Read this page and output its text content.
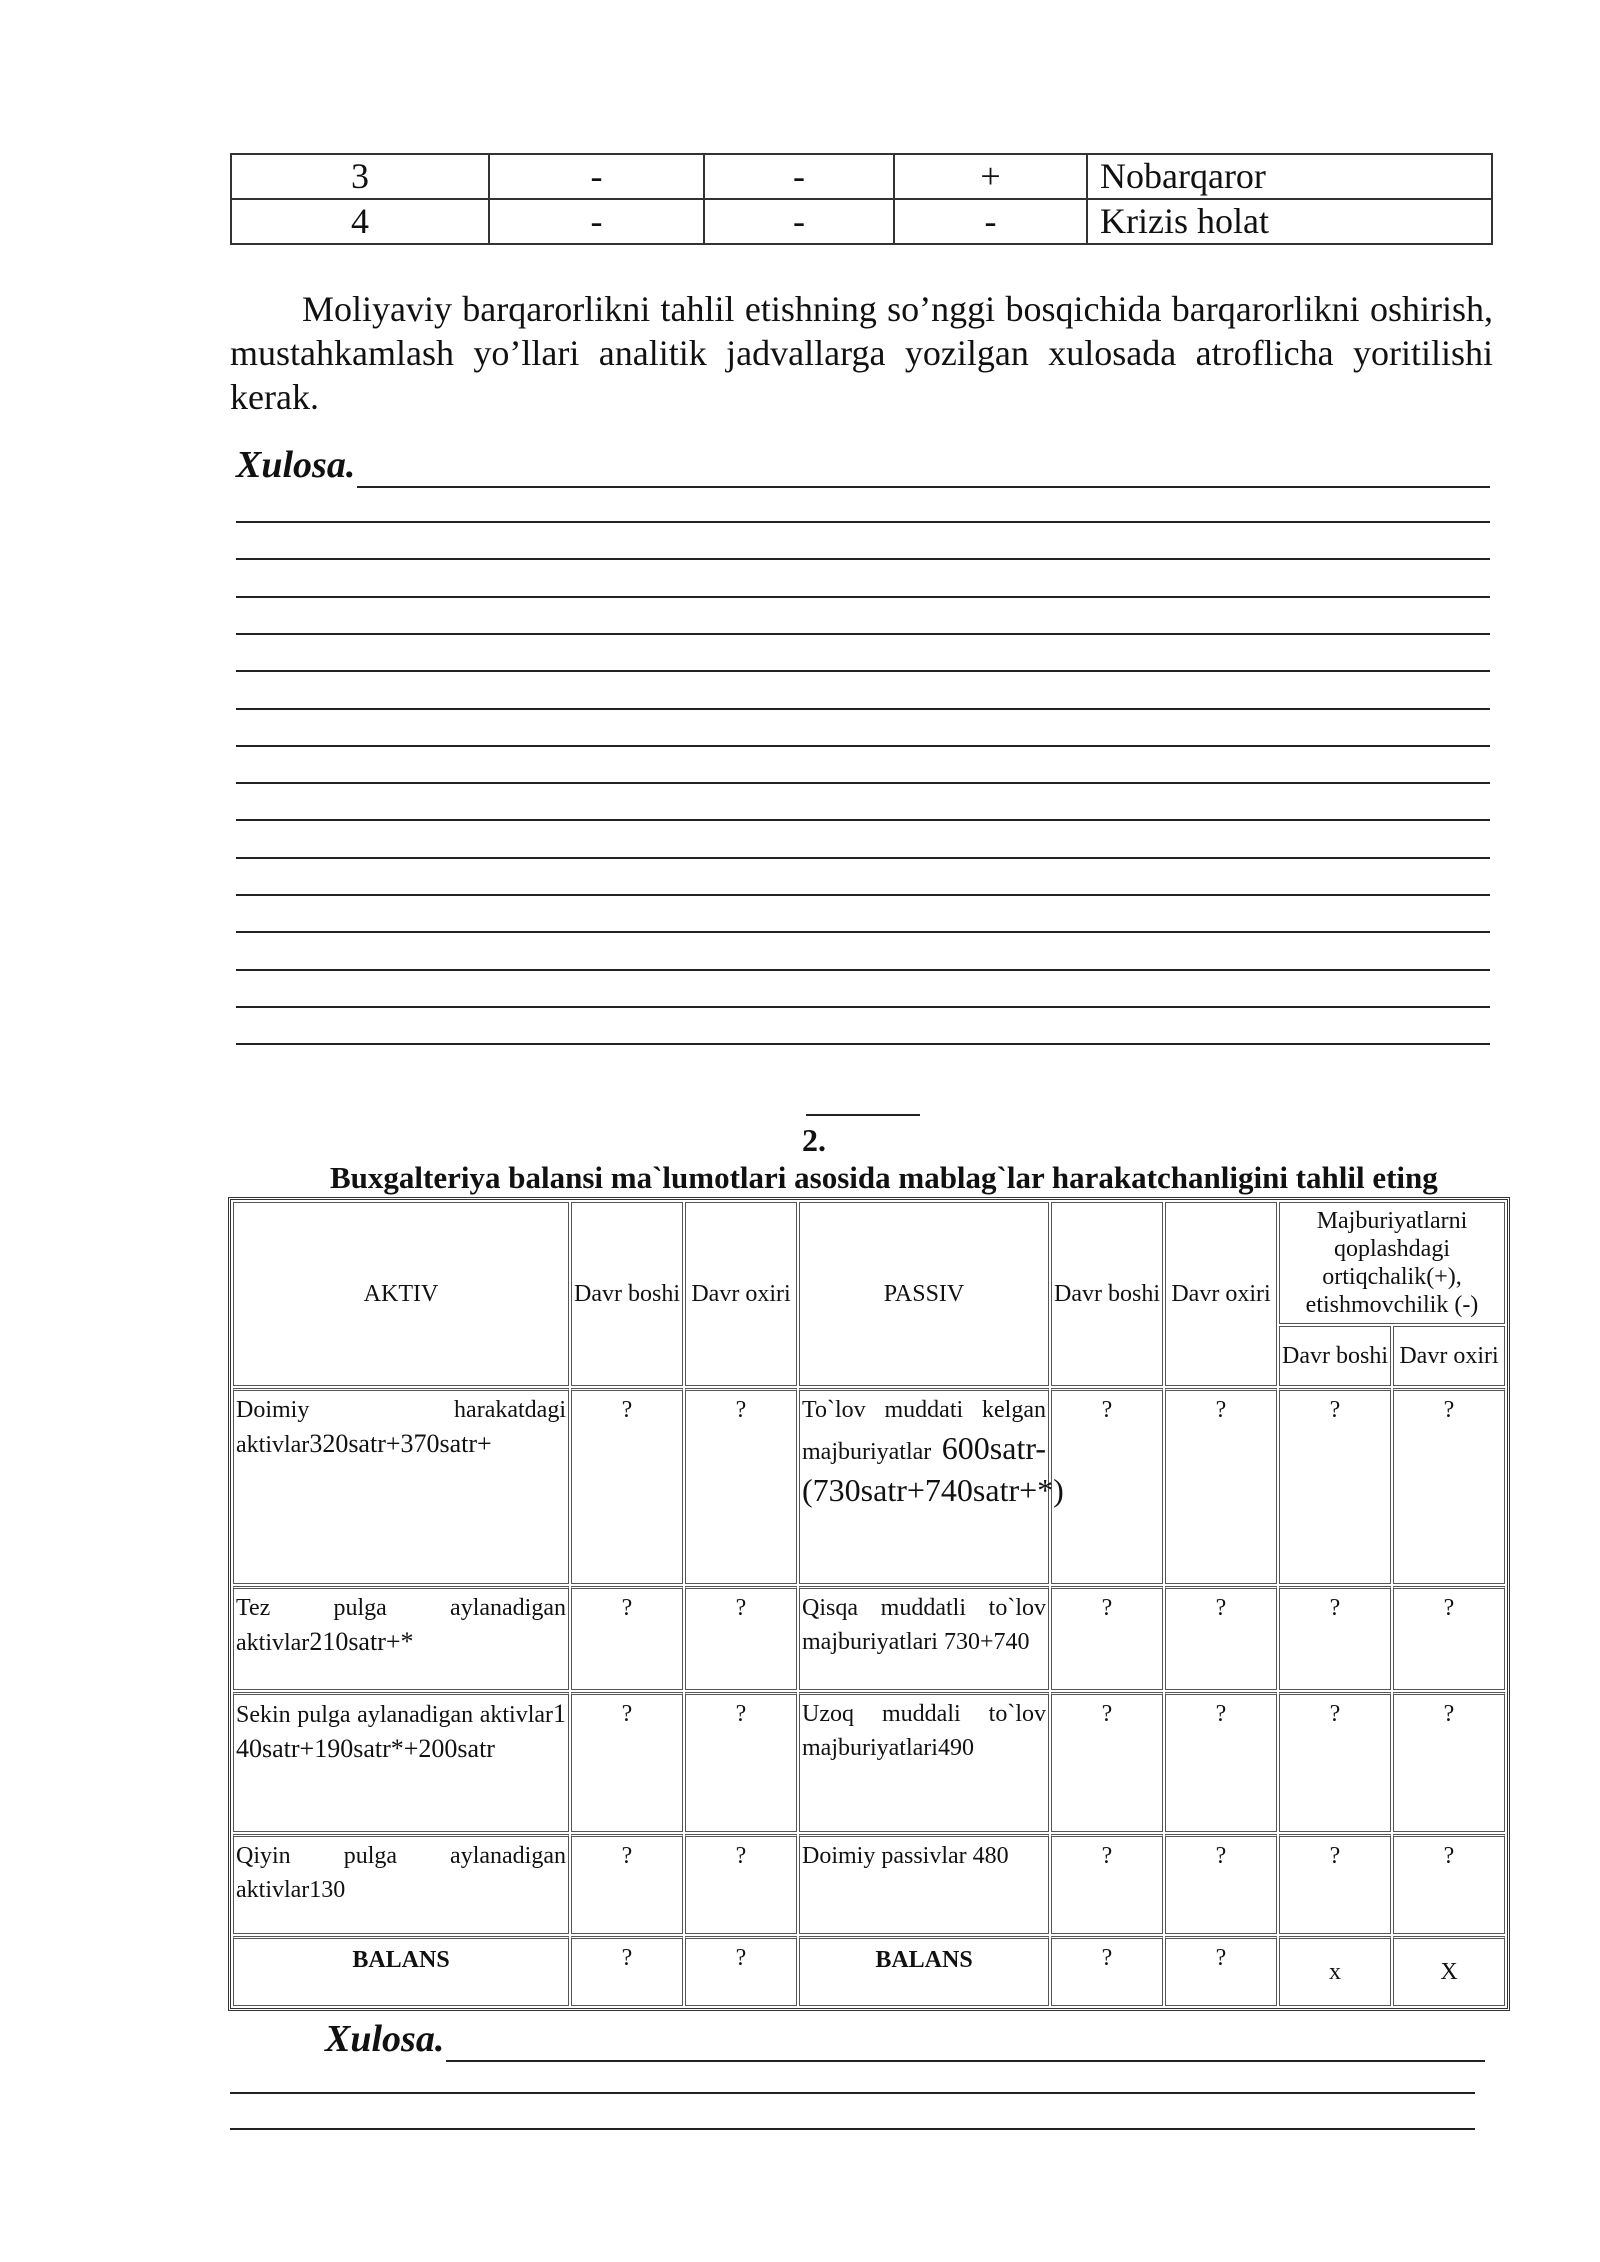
3	-	-	+	Nobarqaror
4	-	-	-	Krizis holat

Moliyaviy barqarorlikni tahlil etishning so’nggi bosqichida barqarorlikni oshirish, mustahkamlash yo’llari analitik jadvallarga yozilgan xulosada atroflicha yoritilishi kerak.

Xulosa.
2.
Buxgalteriya balansi ma`lumotlari asosida mablag`lar harakatchanligini tahlil eting
AKTIV	Davr boshi	Davr oxiri	PASSIV	Davr boshi	Davr oxiri	Majburiyatlarni qoplashdagi ortiqchalik(+), etishmovchilik (-)	
						Davr boshi	Davr oxiri
Doimiy harakatdagi aktivlar320satr+370satr+	?	?	To`lov muddati kelgan majburiyatlar 600satr-(730satr+740satr+*)	?	?	?	?
Tez pulga aylanadigan aktivlar210satr+*	?	?	Qisqa muddatli to`lov majburiyatlari 730+740	?	?	?	?
Sekin pulga aylanadigan aktivlar140satr+190satr*+200satr	?	?	Uzoq muddali to`lov majburiyatlari490	?	?	?	?
Qiyin pulga aylanadigan aktivlar130	?	?	Doimiy passivlar 480	?	?	?	?
BALANS	?	?	BALANS	?	?	x	X
Xulosa.
